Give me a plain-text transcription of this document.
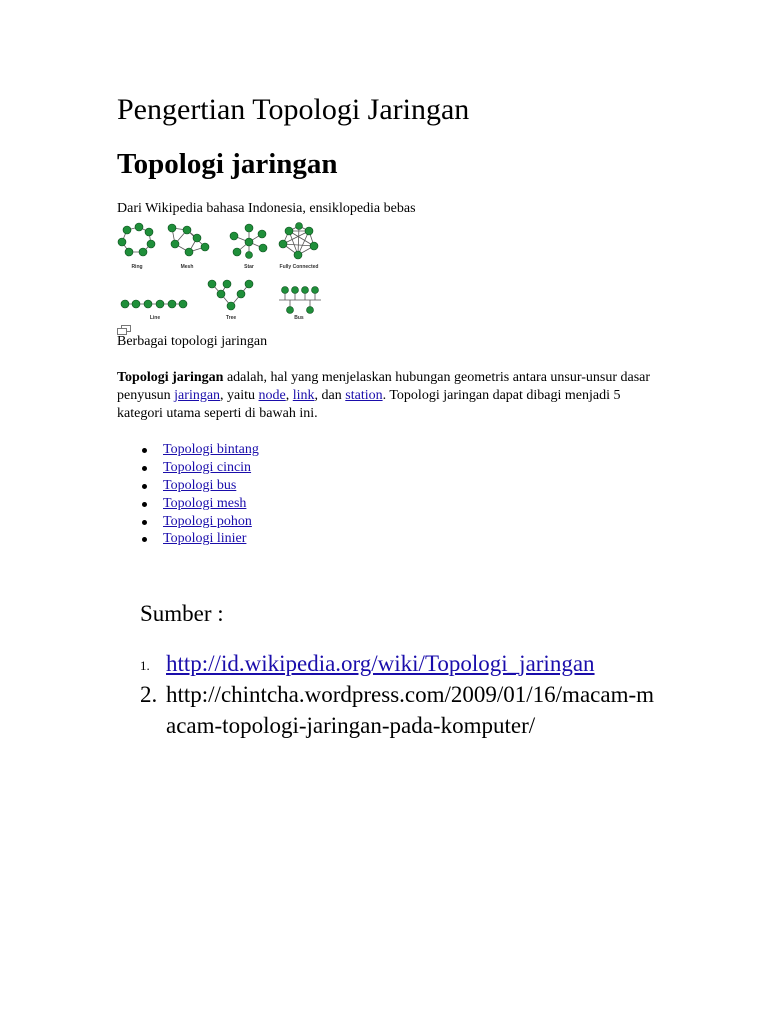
Pengertian Topologi Jaringan
Topologi jaringan
Dari Wikipedia bahasa Indonesia, ensiklopedia bebas
Ring	Mesh	Star	Fully Connected
Line	Tree	Bus
Berbagai topologi jaringan
Topologi jaringan adalah, hal yang menjelaskan hubungan geometris antara unsur-unsur dasar penyusun jaringan, yaitu node, link, dan station. Topologi jaringan dapat dibagi menjadi 5 kategori utama seperti di bawah ini.
Topologi bintang
Topologi cincin
Topologi bus
Topologi mesh
Topologi pohon
Topologi linier
Sumber :
1. http://id.wikipedia.org/wiki/Topologi_jaringan
2. http://chintcha.wordpress.com/2009/01/16/macam-macam-topologi-jaringan-pada-komputer/
